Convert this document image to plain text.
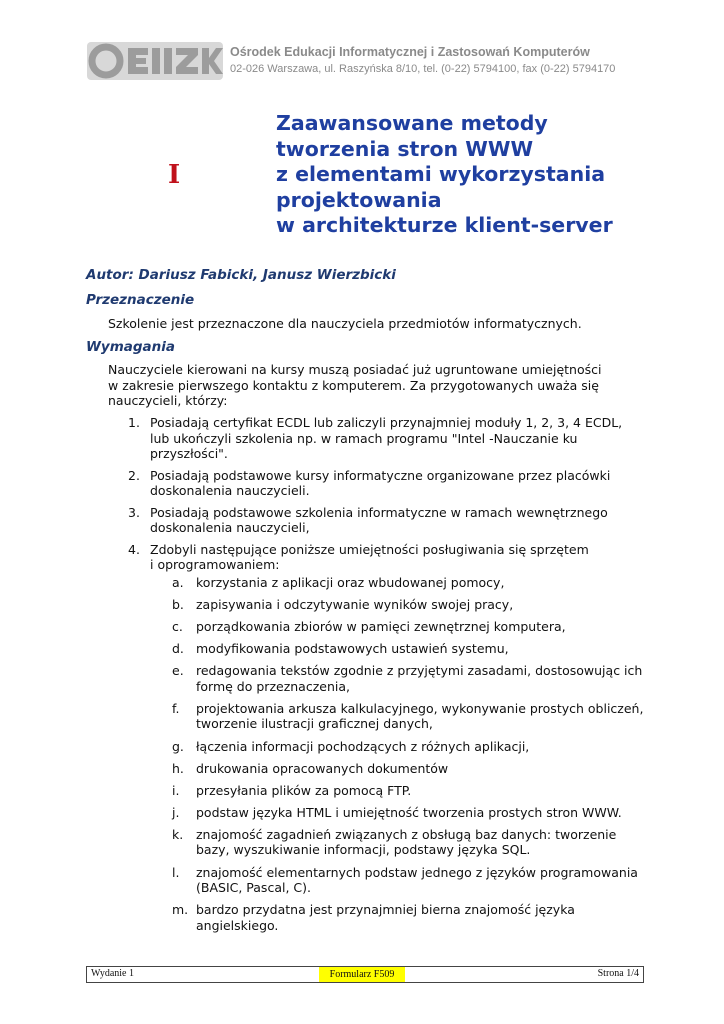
Ośrodek Edukacji Informatycznej i Zastosowań Komputerów
02-026 Warszawa, ul. Raszyńska 8/10, tel. (0-22) 5794100, fax (0-22) 5794170
I
Zaawansowane metody
tworzenia stron WWW
z elementami wykorzystania
projektowania
w architekturze klient-server
Autor: Dariusz Fabicki, Janusz Wierzbicki
Przeznaczenie

Szkolenie jest przeznaczone dla nauczyciela przedmiotów informatycznych.

Wymagania

Nauczyciele kierowani na kursy muszą posiadać już ugruntowane umiejętności
w zakresie pierwszego kontaktu z komputerem. Za przygotowanych uważa się
nauczycieli, którzy:

1. Posiadają certyfikat ECDL lub zaliczyli przynajmniej moduły 1, 2, 3, 4 ECDL,
lub ukończyli szkolenia np. w ramach programu "Intel -Nauczanie ku
przyszłości".
2. Posiadają podstawowe kursy informatyczne organizowane przez placówki
doskonalenia nauczycieli.
3. Posiadają podstawowe szkolenia informatyczne w ramach wewnętrznego
doskonalenia nauczycieli,
4. Zdobyli następujące poniższe umiejętności posługiwania się sprzętem
i oprogramowaniem:
a. korzystania z aplikacji oraz wbudowanej pomocy,
b. zapisywania i odczytywanie wyników swojej pracy,
c. porządkowania zbiorów w pamięci zewnętrznej komputera,
d. modyfikowania podstawowych ustawień systemu,
e. redagowania tekstów zgodnie z przyjętymi zasadami, dostosowując ich
formę do przeznaczenia,
f. projektowania arkusza kalkulacyjnego, wykonywanie prostych obliczeń,
tworzenie ilustracji graficznej danych,
g. łączenia informacji pochodzących z różnych aplikacji,
h. drukowania opracowanych dokumentów
i. przesyłania plików za pomocą FTP.
j. podstaw języka HTML i umiejętność tworzenia prostych stron WWW.
k. znajomość zagadnień związanych z obsługą baz danych: tworzenie
bazy, wyszukiwanie informacji, podstawy języka SQL.
l. znajomość elementarnych podstaw jednego z języków programowania
(BASIC, Pascal, C).
m. bardzo przydatna jest przynajmniej bierna znajomość języka
angielskiego.
Wydanie 1	Formularz F509	Strona 1/4
